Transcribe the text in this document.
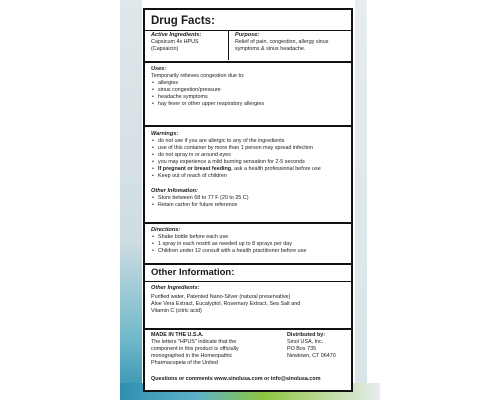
Drug Facts:
Active Ingredients:
Capsicum 4x HPUS
(Capsaicin)
Purpose:
Relief of pain, congestion, allergy sinus
symptoms & sinus headache.
Uses:
Temporarily relieves congestion due to:
• allergies
• sinus congestion/pressure
• headache symptoms
• hay fever or other upper respiratory allergies
Warnings:
• do not use if you are allergic to any of the ingredients
• use of this container by more than 1 person may spread infection
• do not spray in or around eyes
• you may experience a mild burning sensation for 2-5 seconds
• If pregnant or breast feeding, ask a health professional before use
• Keep out of reach of children
Other Infomation:
• Store between 68 to 77 F (20 to 25 C)
• Retain carton for future reference
Directions:
• Shake bottle before each use
• 1 spray in each nostril as needed up to 8 sprays per day
• Children under 12 consult with a health practitioner before use
Other Information:
Other Ingredients:
Purified water, Patented Nano-Silver (natural preservative)
Aloe Vera Extract, Eucalyptol, Rosemary Extract, Sea Salt and
Vitamin C (citric acid)
MADE IN THE U.S.A.
The letters "HPUS" indicate that the
component in this product is officially
monographed in the Homeopathic
Pharmacopeia of the United
Distributed by:
Sinol USA, Inc.
PO Box 735
Newtown, CT 06470
Questions or comments www.sinolusa.com or info@sinolusa.com
